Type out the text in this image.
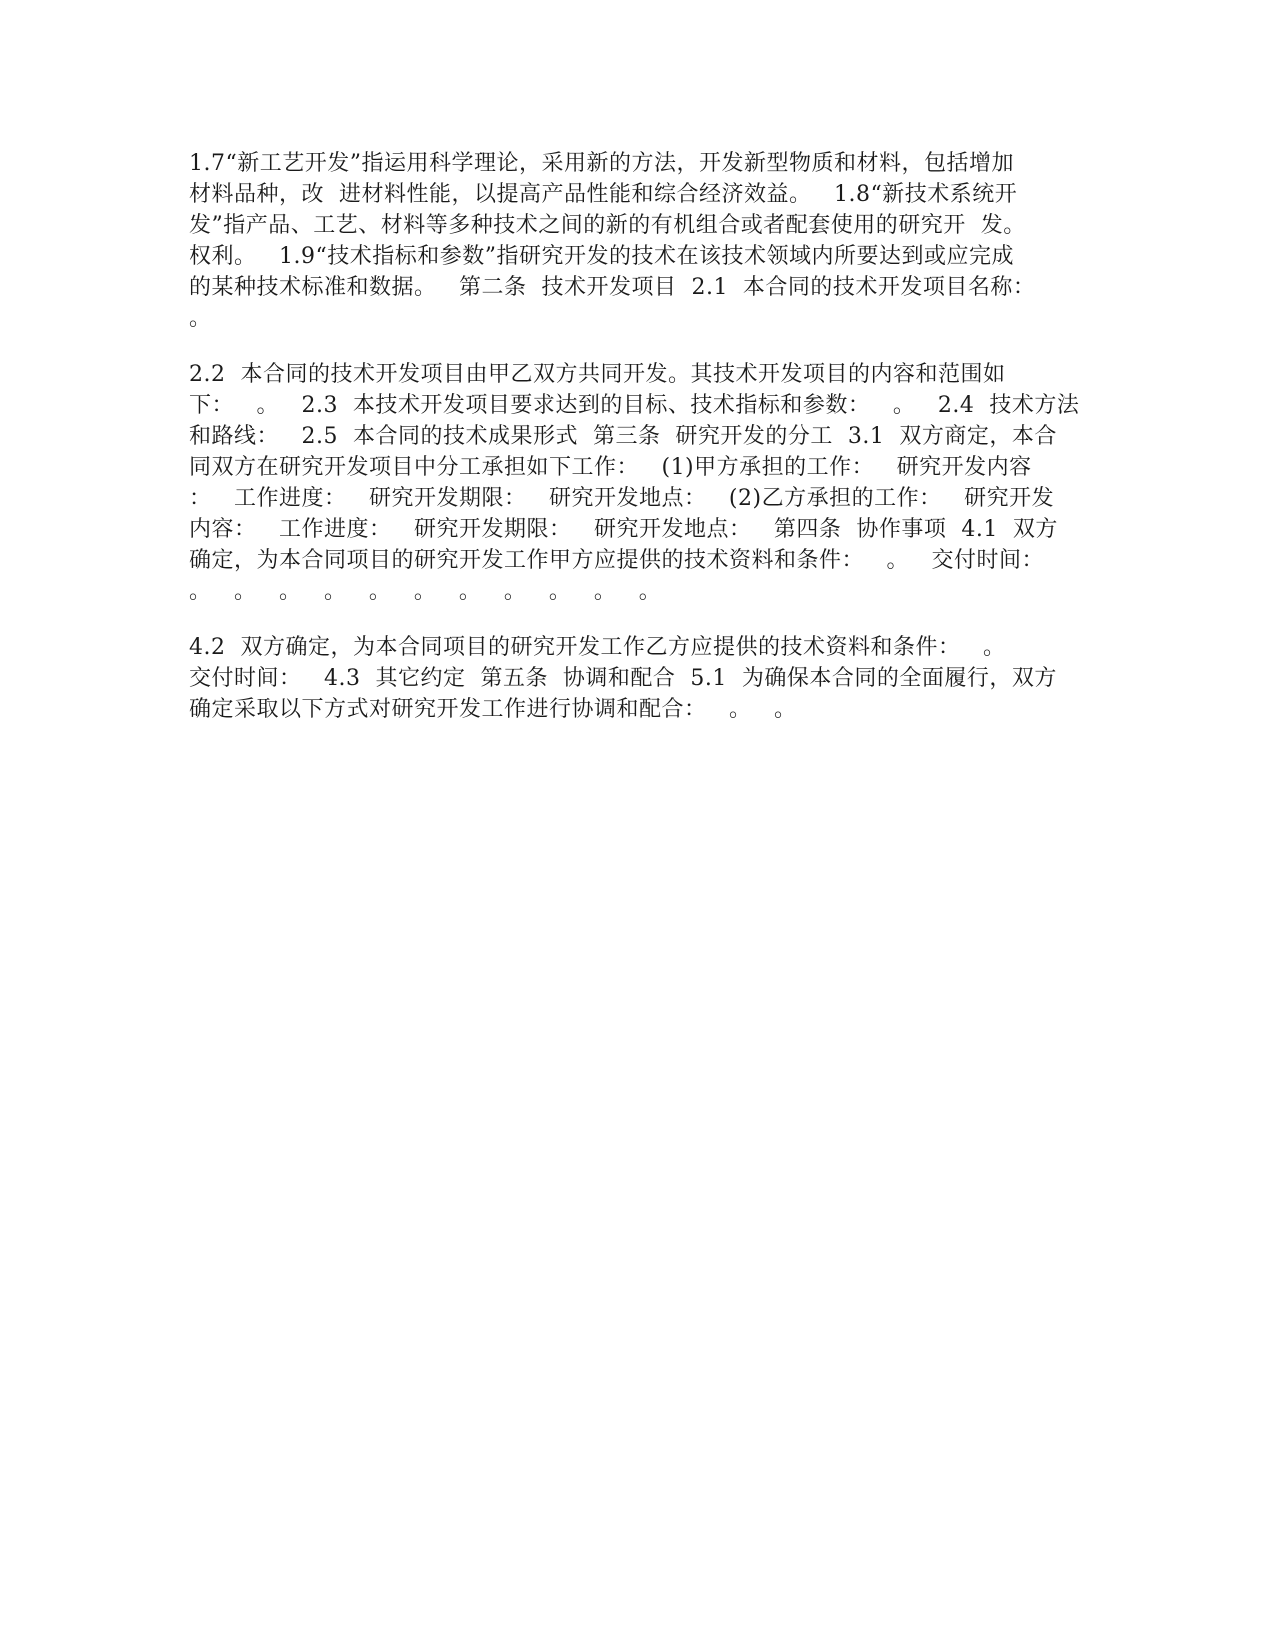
1.7“新工艺开发”指运用科学理论，采用新的方法，开发新型物质和材料，包括增加
材料品种，改  进材料性能，以提高产品性能和综合经济效益。   1.8“新技术系统开
发”指产品、工艺、材料等多种技术之间的新的有机组合或者配套使用的研究开  发。
权利。   1.9“技术指标和参数”指研究开发的技术在该技术领域内所要达到或应完成
的某种技术标准和数据。   第二条  技术开发项目  2.1  本合同的技术开发项目名称：
。

2.2  本合同的技术开发项目由甲乙双方共同开发。其技术开发项目的内容和范围如
下：   。   2.3  本技术开发项目要求达到的目标、技术指标和参数：   。   2.4  技术方法
和路线：   2.5  本合同的技术成果形式  第三条  研究开发的分工  3.1  双方商定，本合
同双方在研究开发项目中分工承担如下工作：   (1)甲方承担的工作：   研究开发内容
：   工作进度：   研究开发期限：   研究开发地点：   (2)乙方承担的工作：   研究开发
内容：   工作进度：   研究开发期限：   研究开发地点：   第四条  协作事项  4.1  双方
确定，为本合同项目的研究开发工作甲方应提供的技术资料和条件：   。   交付时间：
。   。   。   。   。   。   。   。   。   。   。

4.2  双方确定，为本合同项目的研究开发工作乙方应提供的技术资料和条件：   。
交付时间：   4.3  其它约定  第五条  协调和配合  5.1  为确保本合同的全面履行，双方
确定采取以下方式对研究开发工作进行协调和配合：   。   。
